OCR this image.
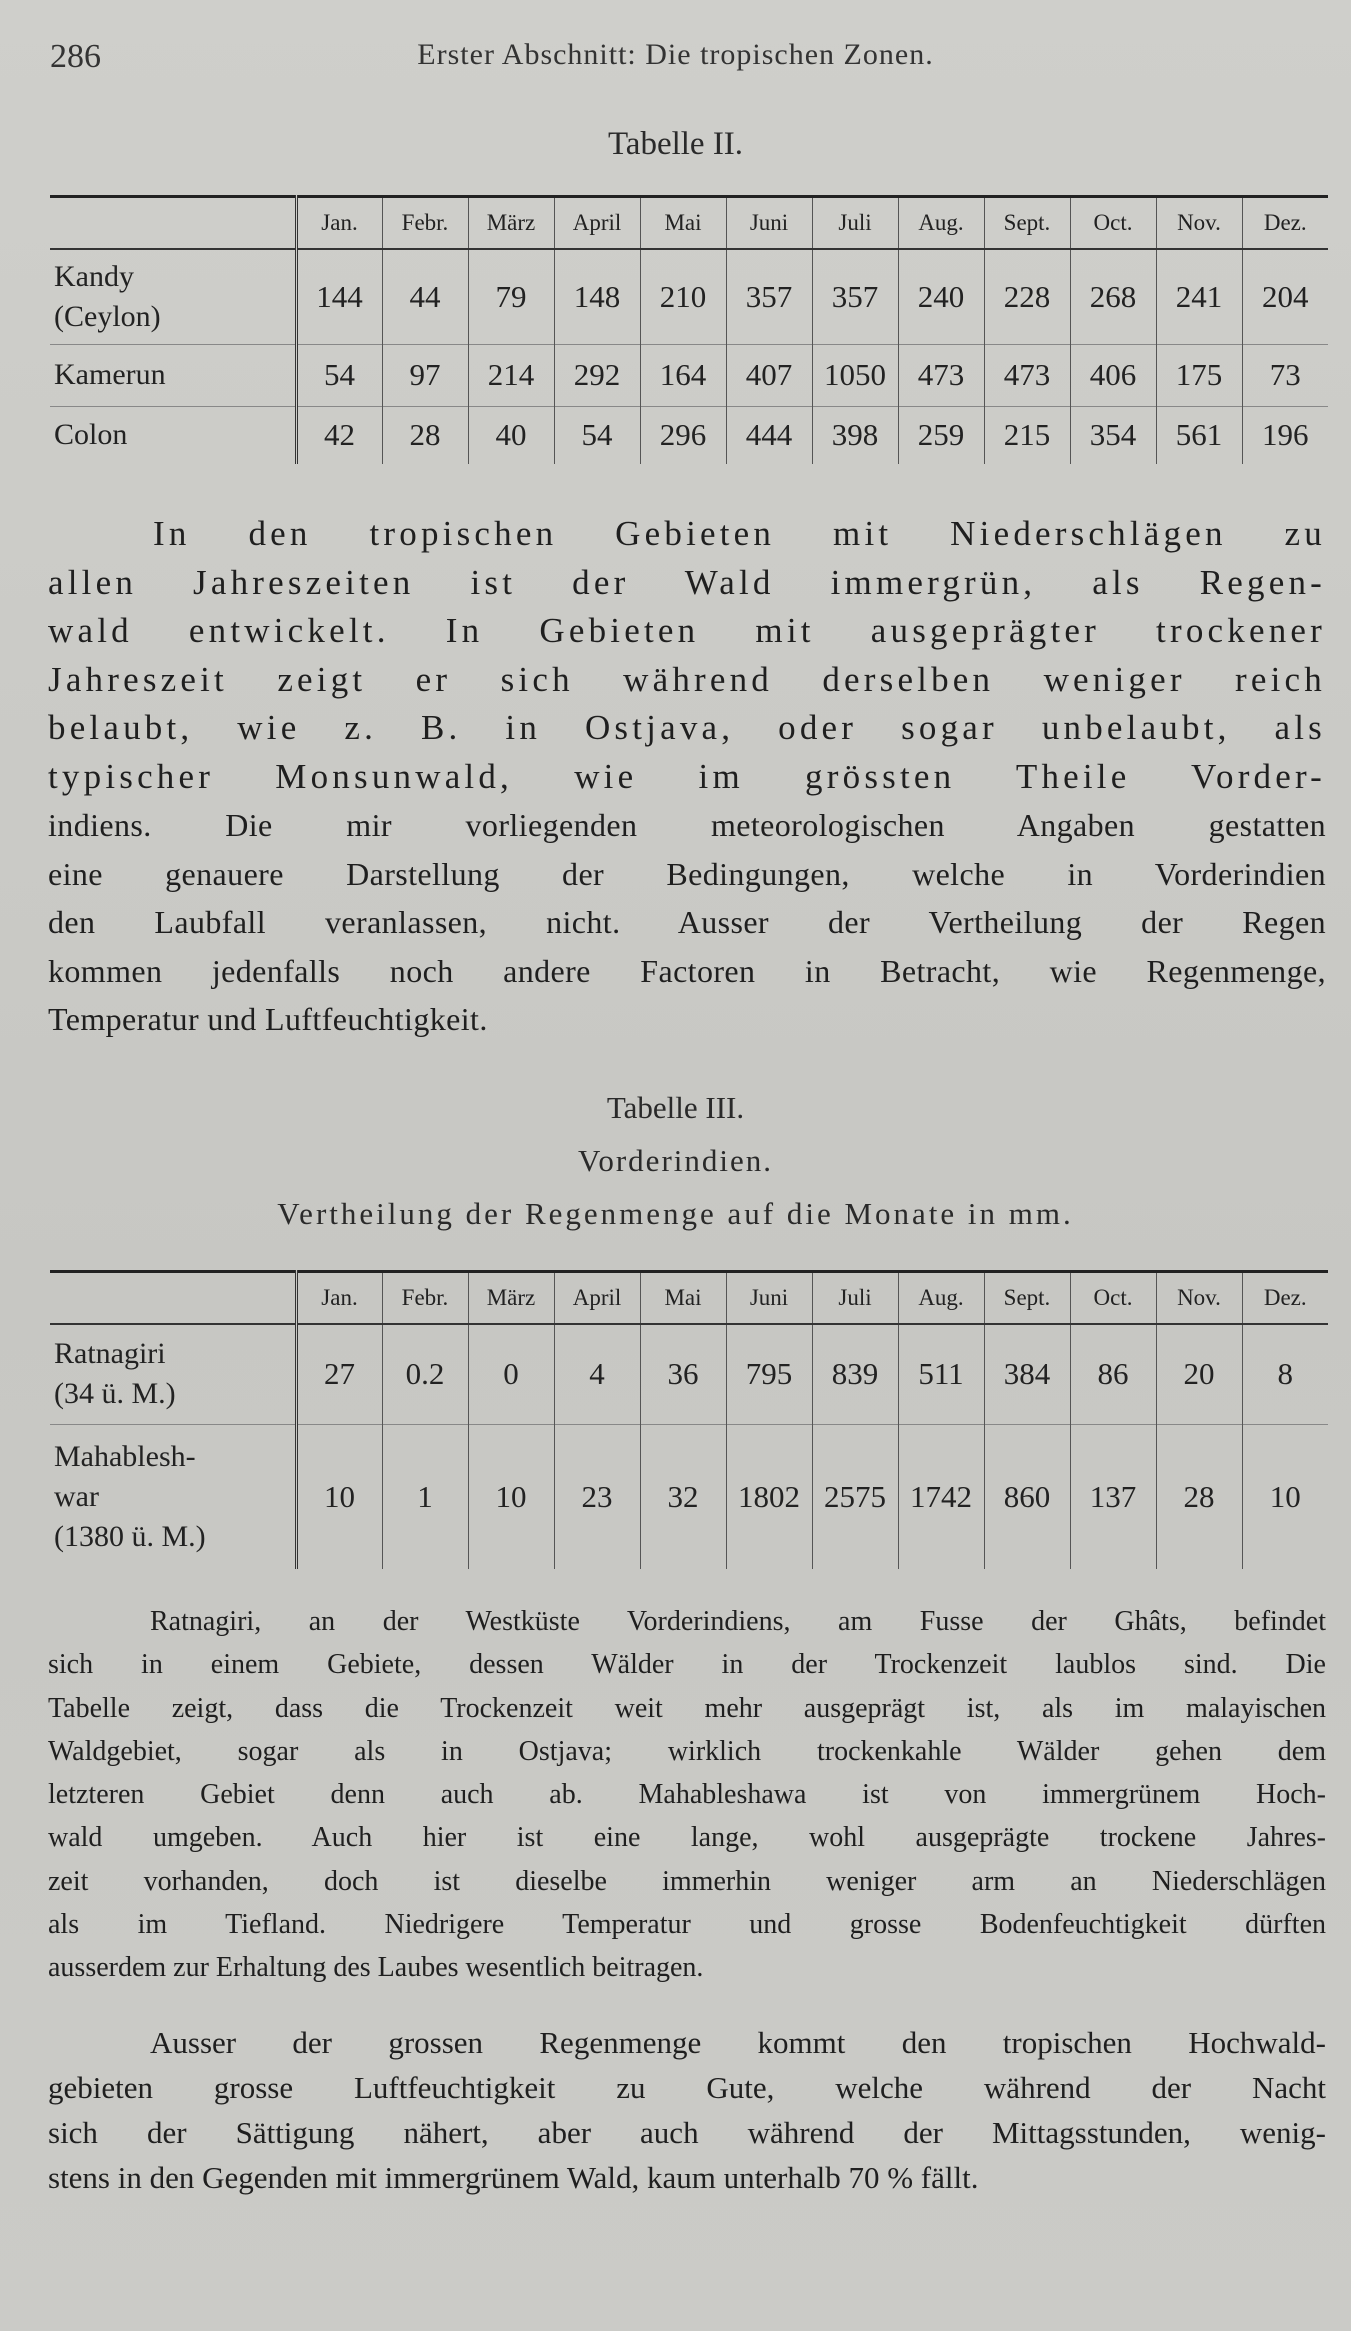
286	Erster Abschnitt: Die tropischen Zonen.
Tabelle II.
	Jan.	Febr.	März	April	Mai	Juni	Juli	Aug.	Sept.	Oct.	Nov.	Dez.

Kandy
(Ceylon)	144	44	79	148	210	357	357	240	228	268	241	204

Kamerun	54	97	214	292	164	407	1050	473	473	406	175	73

Colon	42	28	40	54	296	444	398	259	215	354	561	196
In den tropischen Gebieten mit Niederschlägen zu
allen Jahreszeiten ist der Wald immergrün, als Regen-
wald entwickelt. In Gebieten mit ausgeprägter trockener
Jahreszeit zeigt er sich während derselben weniger reich
belaubt, wie z. B. in Ostjava, oder sogar unbelaubt, als
typischer Monsunwald, wie im grössten Theile Vorder-
indiens. Die mir vorliegenden meteorologischen Angaben gestatten
eine genauere Darstellung der Bedingungen, welche in Vorderindien
den Laubfall veranlassen, nicht. Ausser der Vertheilung der Regen
kommen jedenfalls noch andere Factoren in Betracht, wie Regenmenge,
Temperatur und Luftfeuchtigkeit.
Tabelle III.
Vorderindien.
Vertheilung der Regenmenge auf die Monate in mm.
	Jan.	Febr.	März	April	Mai	Juni	Juli	Aug.	Sept.	Oct.	Nov.	Dez.

Ratnagiri
(34 ü. M.)	27	0.2	0	4	36	795	839	511	384	86	20	8

Mahablesh-
war
(1380 ü. M.)	10	1	10	23	32	1802	2575	1742	860	137	28	10
Ratnagiri, an der Westküste Vorderindiens, am Fusse der Ghâts, befindet
sich in einem Gebiete, dessen Wälder in der Trockenzeit laublos sind. Die
Tabelle zeigt, dass die Trockenzeit weit mehr ausgeprägt ist, als im malayischen
Waldgebiet, sogar als in Ostjava; wirklich trockenkahle Wälder gehen dem
letzteren Gebiet denn auch ab. Mahableshawa ist von immergrünem Hoch-
wald umgeben. Auch hier ist eine lange, wohl ausgeprägte trockene Jahres-
zeit vorhanden, doch ist dieselbe immerhin weniger arm an Niederschlägen
als im Tiefland. Niedrigere Temperatur und grosse Bodenfeuchtigkeit dürften
ausserdem zur Erhaltung des Laubes wesentlich beitragen.
Ausser der grossen Regenmenge kommt den tropischen Hochwald-
gebieten grosse Luftfeuchtigkeit zu Gute, welche während der Nacht
sich der Sättigung nähert, aber auch während der Mittagsstunden, wenig-
stens in den Gegenden mit immergrünem Wald, kaum unterhalb 70 % fällt.
